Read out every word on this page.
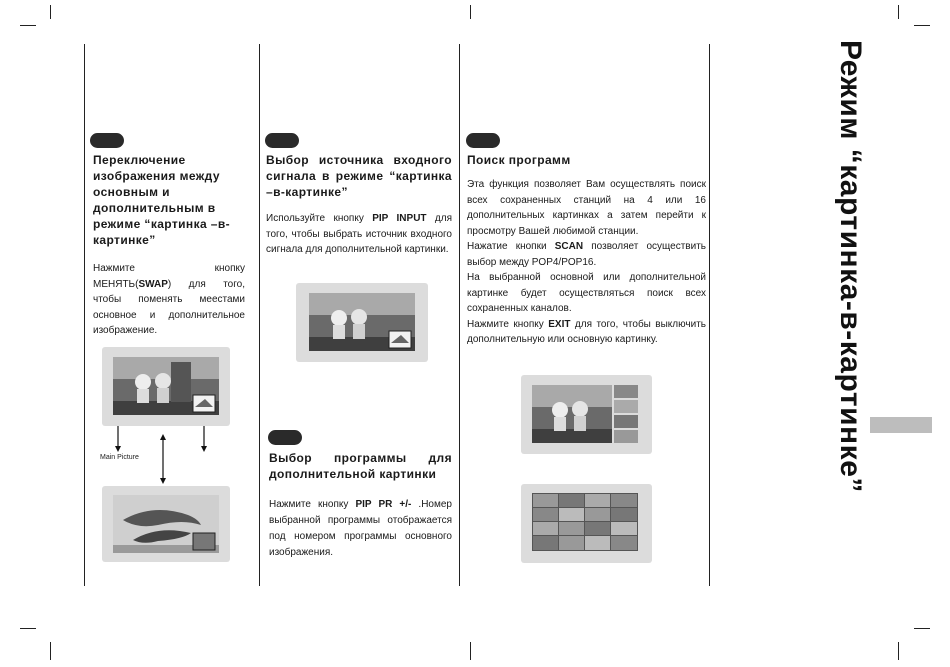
Переключение изображения между основным и дополнительным в режиме “картинка –в-картинке”

Нажмите кнопку МЕНЯТЬ(SWAP) для того, чтобы поменять меестами основное и дополнительное изображение.

Main Picture

Выбор источника входного сигнала в режиме “картинка –в-картинке”

Используйте кнопку PIP INPUT для того, чтобы выбрать источник входного сигнала для дополнительной картинки.

Выбор программы для дополнительной картинки

Нажмите кнопку PIP PR +/- .Номер выбранной программы отображается под номером программы основного изображения.

Поиск программ

Эта функция позволяет Вам осуществлять поиск всех сохраненных станций на 4 или 16 дополнительных картинках а затем перейти к просмотру Вашей любимой станции.

Нажатие кнопки SCAN позволяет осуществить выбор между POP4/POP16.

На выбранной основной или дополнительной картинке будет осуществляться поиск всех сохраненных каналов.

Нажмите кнопку EXIT для того, чтобы выключить дополнительную или основную картинку.	Режим “картинка-в-картинке”
